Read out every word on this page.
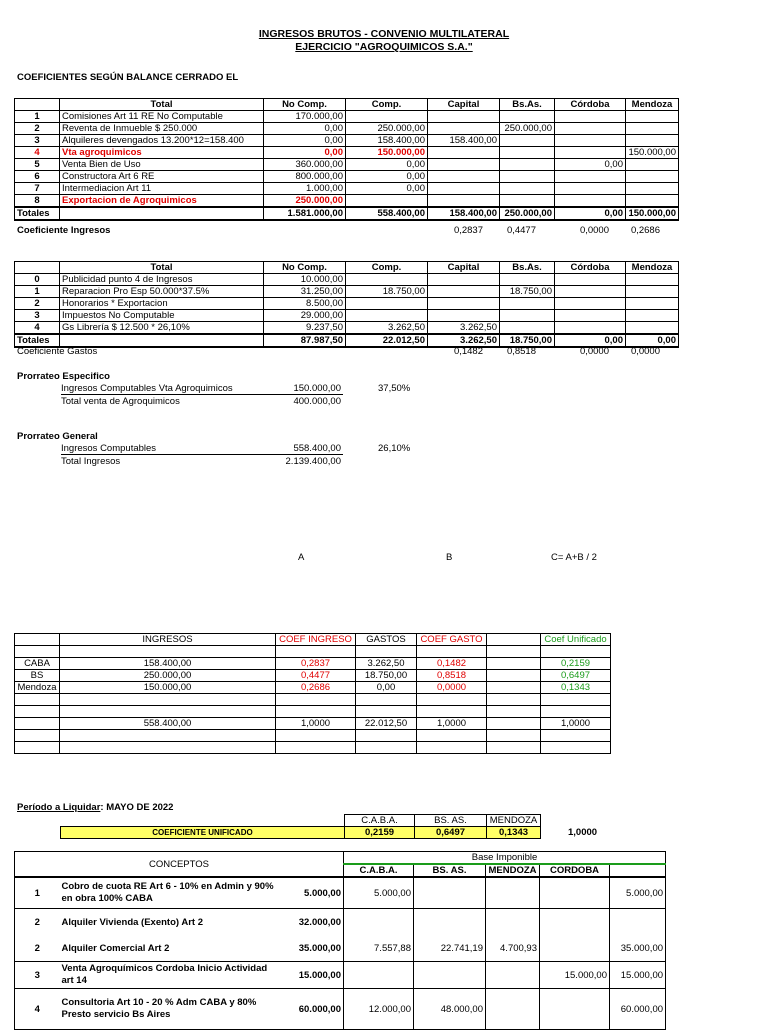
INGRESOS BRUTOS - CONVENIO MULTILATERAL
EJERCICIO "AGROQUIMICOS S.A."
COEFICIENTES SEGÚN BALANCE CERRADO EL
	Total	No Comp.	Comp.	Capital	Bs.As.	Córdoba	Mendoza
1	Comisiones Art 11 RE No Computable	170.000,00					
2	Reventa de Inmueble $ 250.000	0,00	250.000,00		250.000,00		
3	Alquileres devengados 13.200*12=158.400	0,00	158.400,00	158.400,00			
4	Vta agroquimicos	0,00	150.000,00				150.000,00
5	Venta Bien de Uso	360.000,00	0,00			0,00	
6	Constructora Art 6 RE	800.000,00	0,00				
7	Intermediacion Art 11	1.000,00	0,00				
8	Exportacion de Agroquimicos	250.000,00					
Totales		1.581.000,00	558.400,00	158.400,00	250.000,00	0,00	150.000,00
Coeficiente Ingresos	0,2837	0,4477	0,0000	0,2686
	Total	No Comp.	Comp.	Capital	Bs.As.	Córdoba	Mendoza
0	Publicidad punto 4 de Ingresos	10.000,00					
1	Reparacion Pro Esp 50.000*37.5%	31.250,00	18.750,00		18.750,00		
2	Honorarios * Exportacion	8.500,00					
3	Impuestos No Computable	29.000,00					
4	Gs Librería $ 12.500 * 26,10%	9.237,50	3.262,50	3.262,50			
Totales		87.987,50	22.012,50	3.262,50	18.750,00	0,00	0,00
Coeficiente Gastos	0,1482	0,8518	0,0000	0,0000
Prorrateo Especifico
Ingresos Computables Vta Agroquimicos	150.000,00	37,50%
Total venta de Agroquimicos	400.000,00
Prorrateo General
Ingresos Computables	558.400,00	26,10%
Total Ingresos	2.139.400,00
A	B	C= A+B / 2
	INGRESOS	COEF INGRESO	GASTOS	COEF GASTO		Coef Unificado

CABA	158.400,00	0,2837	3.262,50	0,1482		0,2159
BS	250.000,00	0,4477	18.750,00	0,8518		0,6497
Mendoza	150.000,00	0,2686	0,00	0,0000		0,1343

	558.400,00	1,0000	22.012,50	1,0000		1,0000

Período a Liquidar: MAYO DE 2022
	C.A.B.A.	BS. AS.	MENDOZA
COEFICIENTE UNIFICADO	0,2159	0,6497	0,1343	1,0000
CONCEPTOS			Base Imponible				
			C.A.B.A.	BS. AS.	MENDOZA	CORDOBA	
1	Cobro de cuota RE Art 6 - 10% en Admin y 90% en obra 100% CABA	5.000,00	5.000,00				5.000,00
2	Alquiler Vivienda (Exento) Art 2	32.000,00					
2	Alquiler Comercial Art 2	35.000,00	7.557,88	22.741,19	4.700,93		35.000,00
3	Venta Agroquímicos Cordoba Inicio Actividad art 14	15.000,00				15.000,00	15.000,00
4	Consultoria Art 10 - 20 % Adm CABA y 80% Presto servicio Bs Aires	60.000,00	12.000,00	48.000,00			60.000,00
